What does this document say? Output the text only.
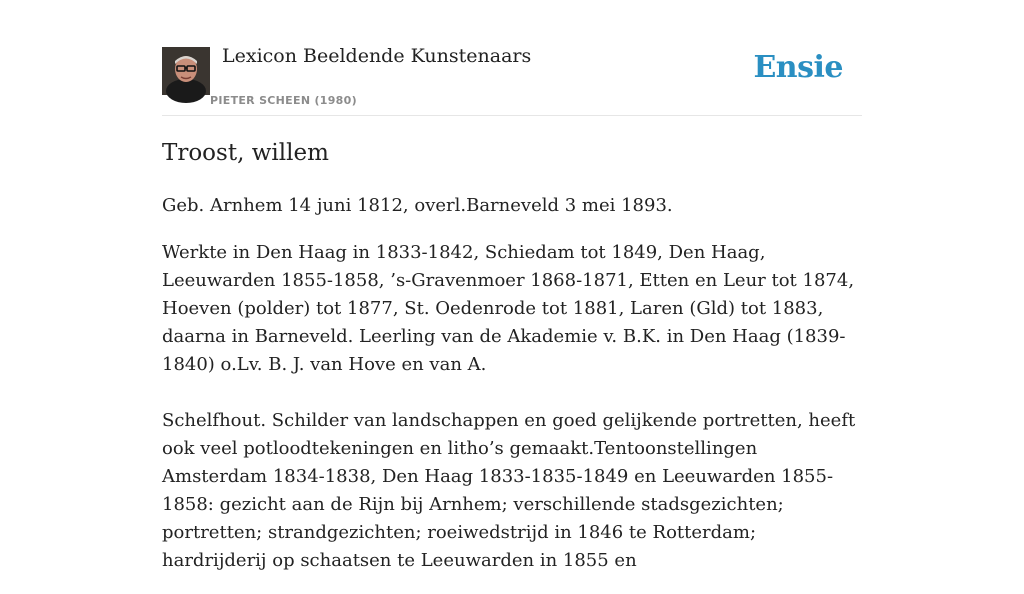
Lexicon Beeldende Kunstenaars
PIETER SCHEEN (1980)
Ensie
Troost, willem

Geb. Arnhem 14 juni 1812, overl.Barneveld 3 mei 1893.

Werkte in Den Haag in 1833-1842, Schiedam tot 1849, Den Haag, Leeuwarden 1855-1858, ’s-Gravenmoer 1868-1871, Etten en Leur tot 1874, Hoeven (polder) tot 1877, St. Oedenrode tot 1881, Laren (Gld) tot 1883, daarna in Barneveld. Leerling van de Akademie v. B.K. in Den Haag (1839-1840) o.Lv. B. J. van Hove en van A.

Schelfhout. Schilder van landschappen en goed gelijkende portretten, heeft ook veel potloodtekeningen en litho’s gemaakt.Tentoonstellingen Amsterdam 1834-1838, Den Haag 1833-1835-1849 en Leeuwarden 1855-1858: gezicht aan de Rijn bij Arnhem; verschillende stadsgezichten; portretten; strandgezichten; roeiwedstrijd in 1846 te Rotterdam; hardrijderij op schaatsen te Leeuwarden in 1855 en
